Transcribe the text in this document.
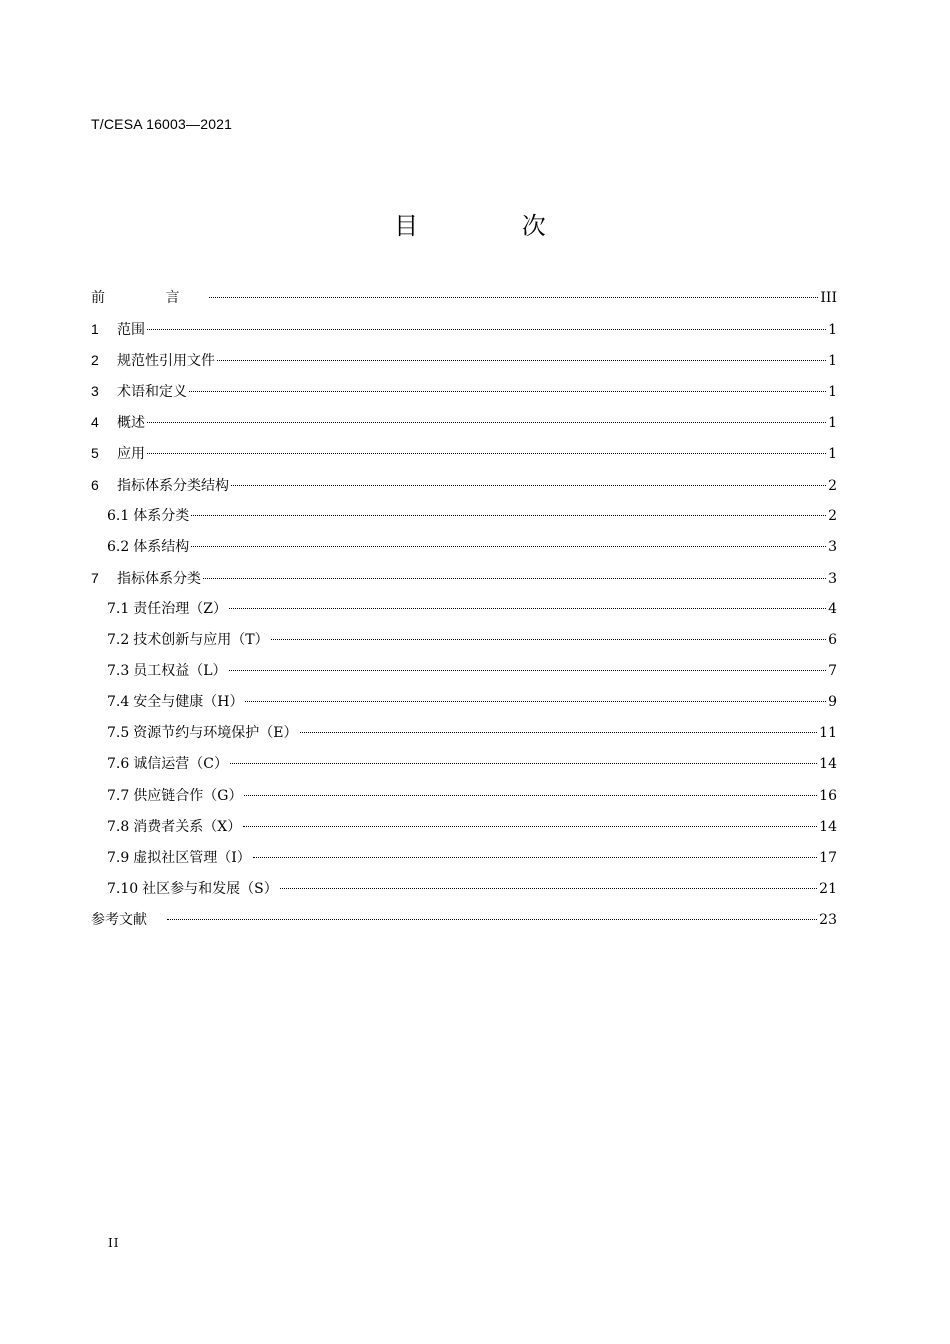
T/CESA 16003—2021
目 次
前 言	III
1	范围	1
2	规范性引用文件	1
3	术语和定义	1
4	概述	1
5	应用	1
6	指标体系分类结构	2
6.1 体系分类	2
6.2 体系结构	3
7	指标体系分类	3
7.1 责任治理（Z）	4
7.2 技术创新与应用（T）	6
7.3 员工权益（L）	7
7.4 安全与健康（H）	9
7.5 资源节约与环境保护（E）	11
7.6 诚信运营（C）	14
7.7 供应链合作（G）	16
7.8 消费者关系（X）	14
7.9 虚拟社区管理（I）	17
7.10 社区参与和发展（S）	21
参考文献	23
II
